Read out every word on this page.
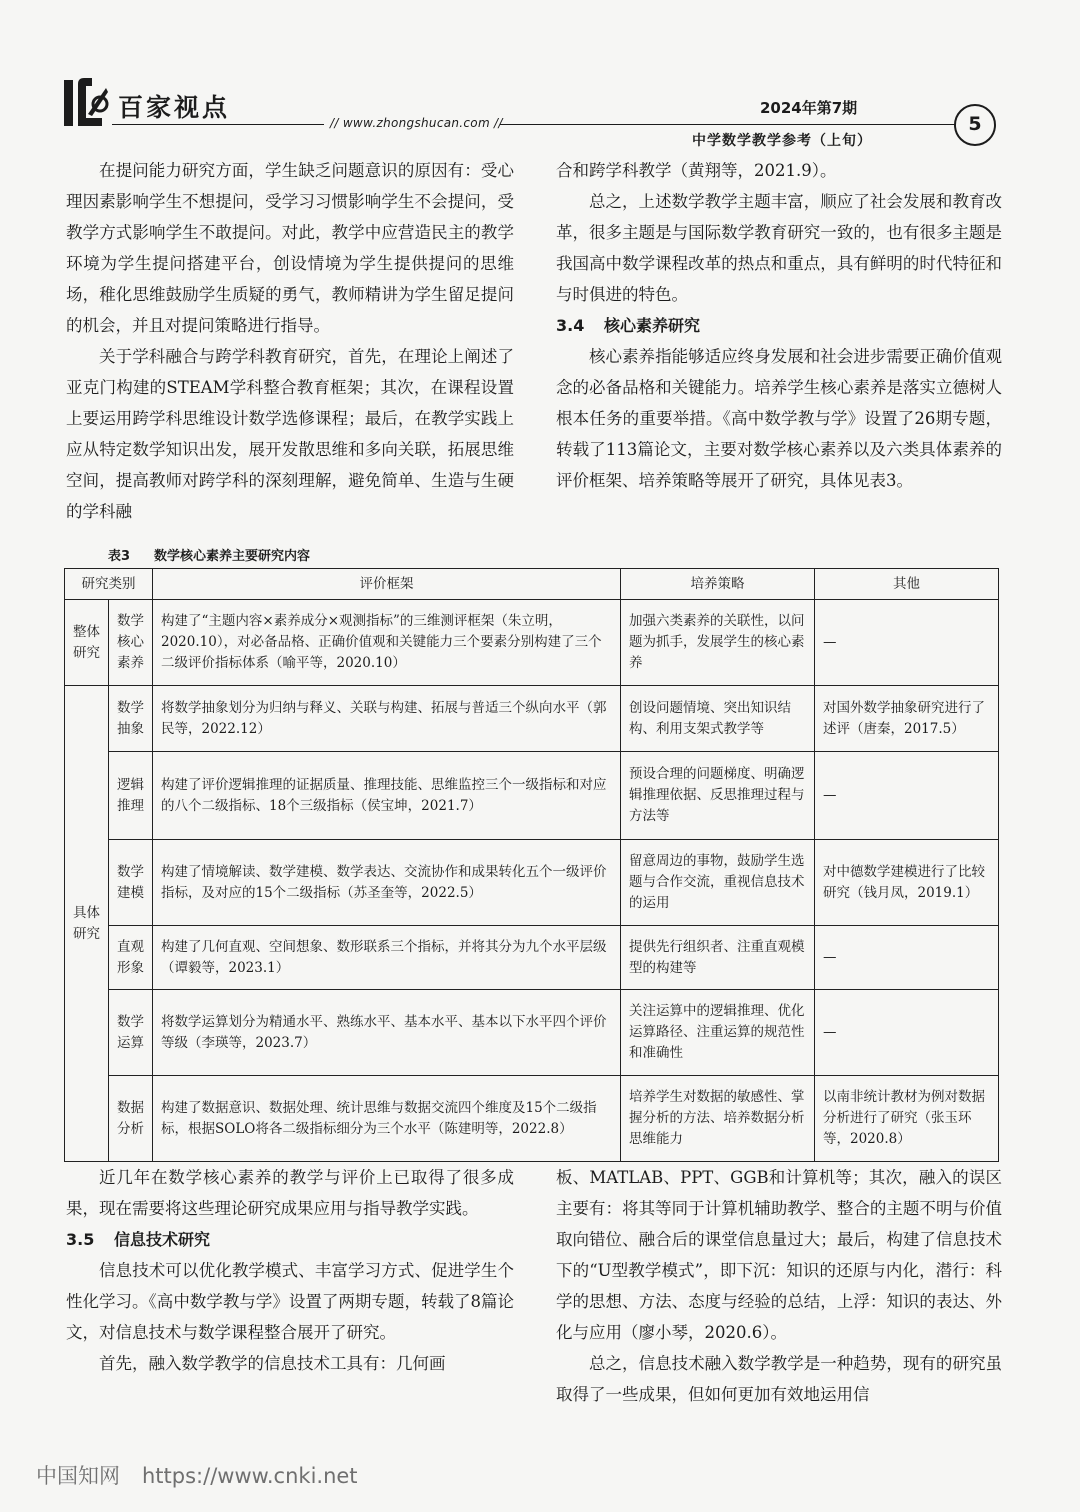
百家视点
// www.zhongshucan.com //
2024年第7期
中学数学教学参考（上旬）
5

在提问能力研究方面，学生缺乏问题意识的原因有：受心理因素影响学生不想提问，受学习习惯影响学生不会提问，受教学方式影响学生不敢提问。对此，教学中应营造民主的教学环境为学生提问搭建平台，创设情境为学生提供提问的思维场，稚化思维鼓励学生质疑的勇气，教师精讲为学生留足提问的机会，并且对提问策略进行指导。

关于学科融合与跨学科教育研究，首先，在理论上阐述了亚克门构建的STEAM学科整合教育框架；其次，在课程设置上要运用跨学科思维设计数学选修课程；最后，在教学实践上应从特定数学知识出发，展开发散思维和多向关联，拓展思维空间，提高教师对跨学科的深刻理解，避免简单、生造与生硬的学科融

合和跨学科教学（黄翔等，2021.9）。

总之，上述数学教学主题丰富，顺应了社会发展和教育改革，很多主题是与国际数学教育研究一致的，也有很多主题是我国高中数学课程改革的热点和重点，具有鲜明的时代特征和与时俱进的特色。

3.4 核心素养研究

核心素养指能够适应终身发展和社会进步需要正确价值观念的必备品格和关键能力。培养学生核心素养是落实立德树人根本任务的重要举措。《高中数学教与学》设置了26期专题，转载了113篇论文，主要对数学核心素养以及六类具体素养的评价框架、培养策略等展开了研究，具体见表3。

表3 数学核心素养主要研究内容
研究类别		评价框架	培养策略	其他
整体研究	数学核心素养	构建了“主题内容×素养成分×观测指标”的三维测评框架（朱立明，2020.10），对必备品格、正确价值观和关键能力三个要素分别构建了三个二级评价指标体系（喻平等，2020.10）	加强六类素养的关联性，以问题为抓手，发展学生的核心素养	—
具体研究	数学抽象	将数学抽象划分为归纳与释义、关联与构建、拓展与普适三个纵向水平（郭民等，2022.12）	创设问题情境、突出知识结构、利用支架式教学等	对国外数学抽象研究进行了述评（唐秦，2017.5）
	逻辑推理	构建了评价逻辑推理的证据质量、推理技能、思维监控三个一级指标和对应的八个二级指标、18个三级指标（侯宝坤，2021.7）	预设合理的问题梯度、明确逻辑推理依据、反思推理过程与方法等	—
	数学建模	构建了情境解读、数学建模、数学表达、交流协作和成果转化五个一级评价指标，及对应的15个二级指标（苏圣奎等，2022.5）	留意周边的事物，鼓励学生选题与合作交流，重视信息技术的运用	对中德数学建模进行了比较研究（钱月凤，2019.1）
	直观形象	构建了几何直观、空间想象、数形联系三个指标，并将其分为九个水平层级（谭毅等，2023.1）	提供先行组织者、注重直观模型的构建等	—
	数学运算	将数学运算划分为精通水平、熟练水平、基本水平、基本以下水平四个评价等级（李瑛等，2023.7）	关注运算中的逻辑推理、优化运算路径、注重运算的规范性和准确性	—
	数据分析	构建了数据意识、数据处理、统计思维与数据交流四个维度及15个二级指标，根据SOLO将各二级指标细分为三个水平（陈建明等，2022.8）	培养学生对数据的敏感性、掌握分析的方法、培养数据分析思维能力	以南非统计教材为例对数据分析进行了研究（张玉环等，2020.8）

近几年在数学核心素养的教学与评价上已取得了很多成果，现在需要将这些理论研究成果应用与指导教学实践。

3.5 信息技术研究

信息技术可以优化教学模式、丰富学习方式、促进学生个性化学习。《高中数学教与学》设置了两期专题，转载了8篇论文，对信息技术与数学课程整合展开了研究。

首先，融入数学教学的信息技术工具有：几何画

板、MATLAB、PPT、GGB和计算机等；其次，融入的误区主要有：将其等同于计算机辅助教学、整合的主题不明与价值取向错位、融合后的课堂信息量过大；最后，构建了信息技术下的“U型教学模式”，即下沉：知识的还原与内化，潜行：科学的思想、方法、态度与经验的总结，上浮：知识的表达、外化与应用（廖小琴，2020.6）。

总之，信息技术融入数学教学是一种趋势，现有的研究虽取得了一些成果，但如何更加有效地运用信

中国知网 https://www.cnki.net
